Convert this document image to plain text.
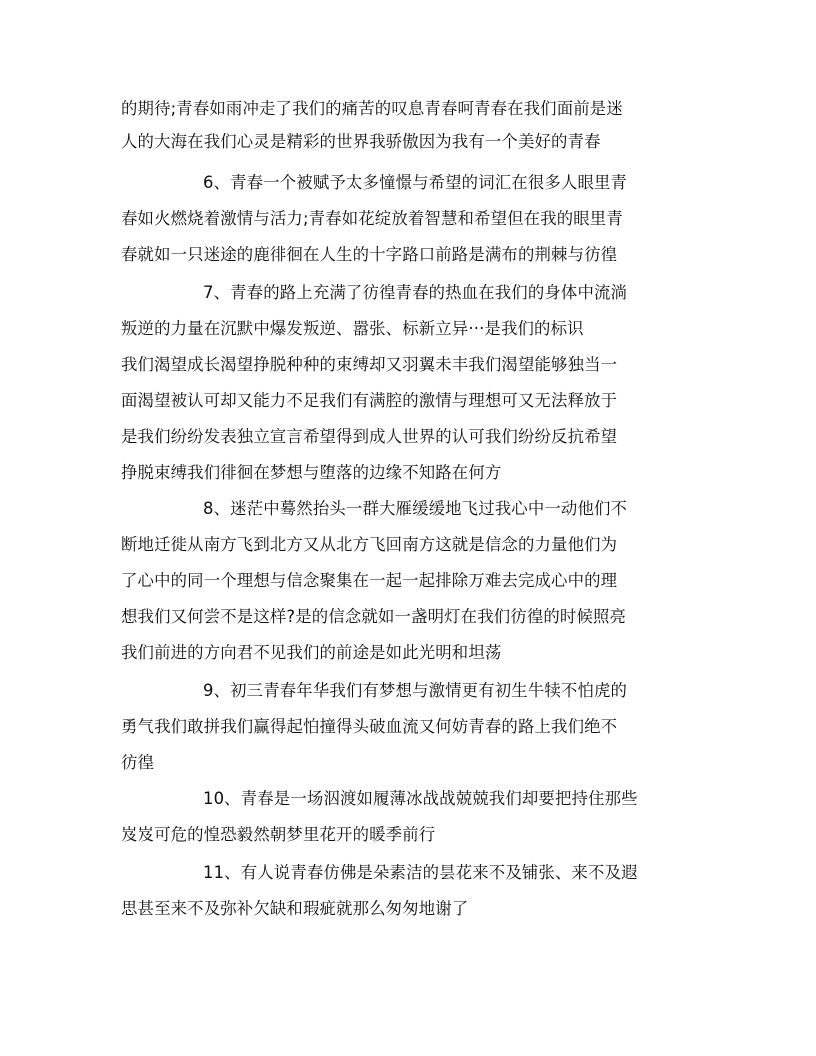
的期待;青春如雨冲走了我们的痛苦的叹息青春呵青春在我们面前是迷
人的大海在我们心灵是精彩的世界我骄傲因为我有一个美好的青春
6、青春一个被赋予太多憧憬与希望的词汇在很多人眼里青
春如火燃烧着激情与活力;青春如花绽放着智慧和希望但在我的眼里青
春就如一只迷途的鹿徘徊在人生的十字路口前路是满布的荆棘与彷徨
7、青春的路上充满了彷徨青春的热血在我们的身体中流淌
叛逆的力量在沉默中爆发叛逆、嚣张、标新立异···是我们的标识
我们渴望成长渴望挣脱种种的束缚却又羽翼未丰我们渴望能够独当一
面渴望被认可却又能力不足我们有满腔的激情与理想可又无法释放于
是我们纷纷发表独立宣言希望得到成人世界的认可我们纷纷反抗希望
挣脱束缚我们徘徊在梦想与堕落的边缘不知路在何方
8、迷茫中蓦然抬头一群大雁缓缓地飞过我心中一动他们不
断地迁徙从南方飞到北方又从北方飞回南方这就是信念的力量他们为
了心中的同一个理想与信念聚集在一起一起排除万难去完成心中的理
想我们又何尝不是这样?是的信念就如一盏明灯在我们彷徨的时候照亮
我们前进的方向君不见我们的前途是如此光明和坦荡
9、初三青春年华我们有梦想与激情更有初生牛犊不怕虎的
勇气我们敢拼我们赢得起怕撞得头破血流又何妨青春的路上我们绝不
彷徨
10、青春是一场泅渡如履薄冰战战兢兢我们却要把持住那些
岌岌可危的惶恐毅然朝梦里花开的暖季前行
11、有人说青春仿佛是朵素洁的昙花来不及铺张、来不及遐
思甚至来不及弥补欠缺和瑕疵就那么匆匆地谢了
